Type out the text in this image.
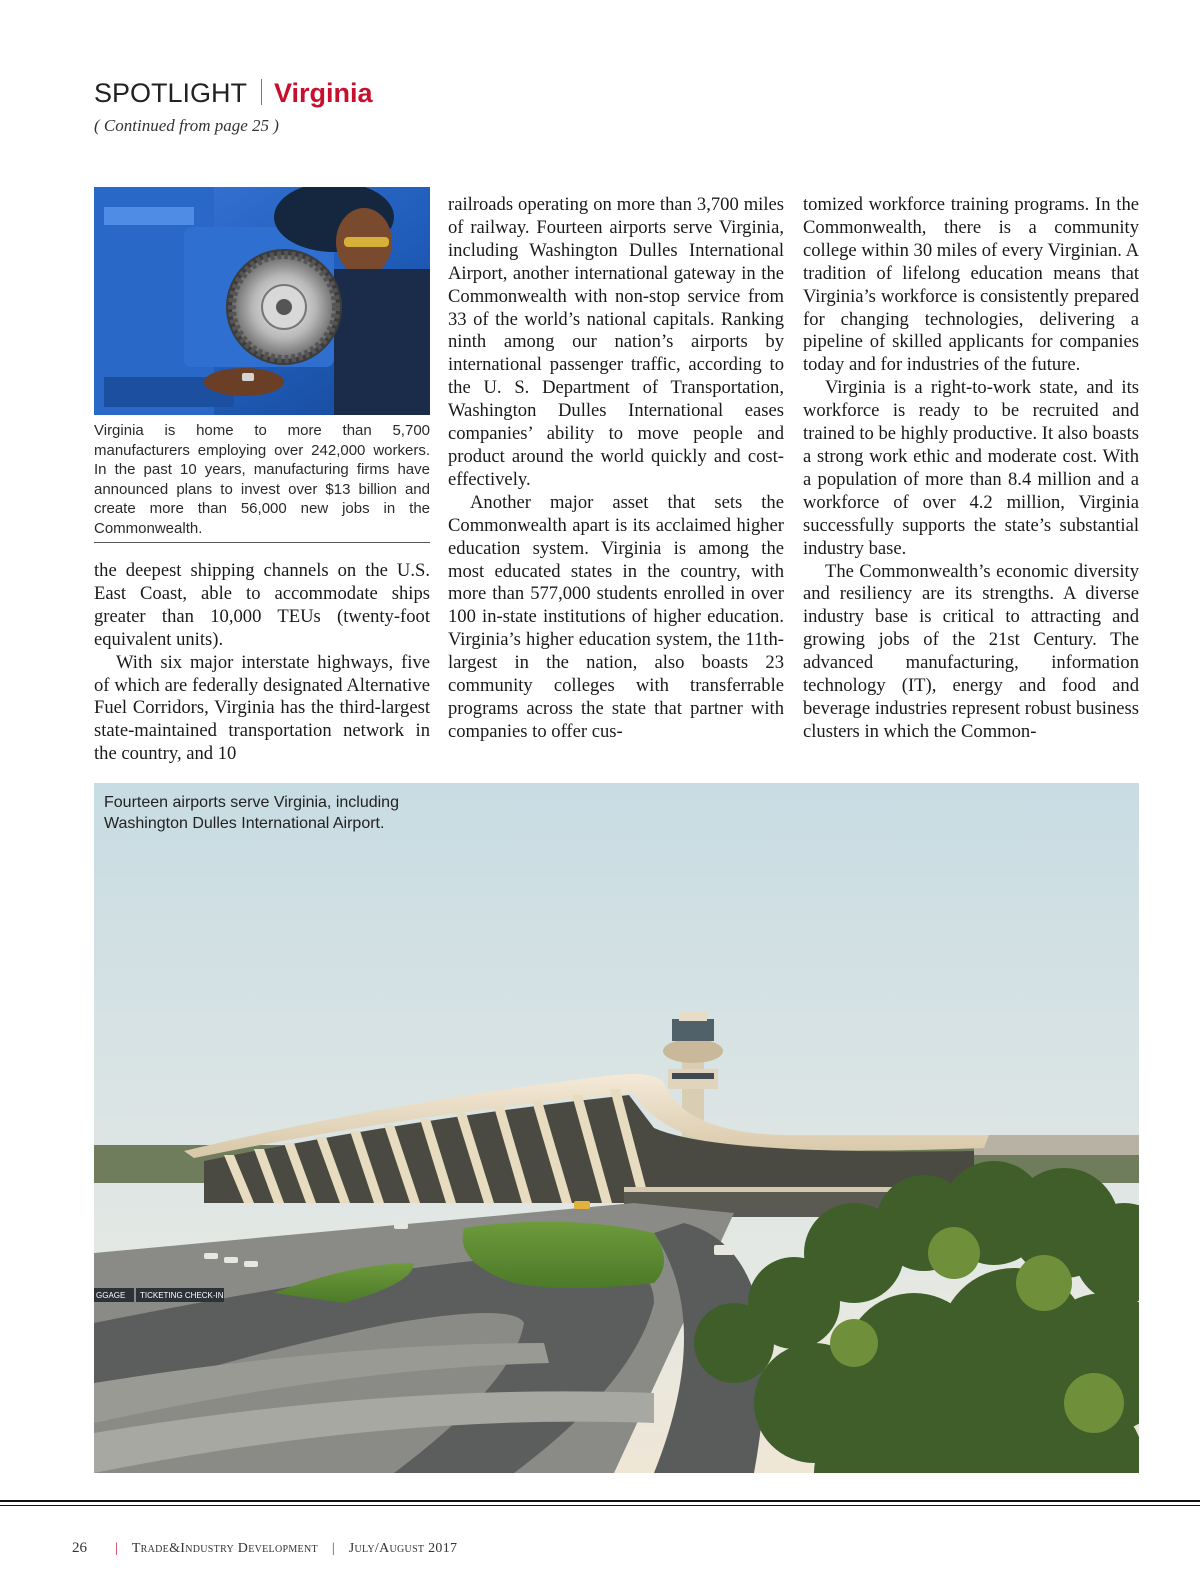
SPOTLIGHT Virginia
( Continued from page 25 )
Virginia is home to more than 5,700 manufacturers employing over 242,000 workers. In the past 10 years, manufacturing firms have announced plans to invest over $13 billion and create more than 56,000 new jobs in the Commonwealth.

the deepest shipping channels on the U.S. East Coast, able to accommodate ships greater than 10,000 TEUs (twenty-foot equivalent units).

With six major interstate highways, five of which are federally designated Alternative Fuel Corridors, Virginia has the third-largest state-maintained transportation network in the country, and 10

railroads operating on more than 3,700 miles of railway. Fourteen airports serve Virginia, including Washington Dulles International Airport, another international gateway in the Commonwealth with non-stop service from 33 of the world’s national capitals. Ranking ninth among our nation’s airports by international passenger traffic, according to the U. S. Department of Transportation, Washington Dulles International eases companies’ ability to move people and product around the world quickly and cost-effectively.

Another major asset that sets the Commonwealth apart is its acclaimed higher education system. Virginia is among the most educated states in the country, with more than 577,000 students enrolled in over 100 in-state institutions of higher education. Virginia’s higher education system, the 11th-largest in the nation, also boasts 23 community colleges with transferrable programs across the state that partner with companies to offer cus-

tomized workforce training programs. In the Commonwealth, there is a community college within 30 miles of every Virginian. A tradition of lifelong education means that Virginia’s workforce is consistently prepared for changing technologies, delivering a pipeline of skilled applicants for companies today and for industries of the future.

Virginia is a right-to-work state, and its workforce is ready to be recruited and trained to be highly productive. It also boasts a strong work ethic and moderate cost. With a population of more than 8.4 million and a workforce of over 4.2 million, Virginia successfully supports the state’s substantial industry base.

The Commonwealth’s economic diversity and resiliency are its strengths. A diverse industry base is critical to attracting and growing jobs of the 21st Century. The advanced manufacturing, information technology (IT), energy and food and beverage industries represent robust business clusters in which the Common-

GGAGE TICKETING CHECK-IN
Fourteen airports serve Virginia, including Washington Dulles International Airport.
26 | Trade&Industry Development | July/August 2017
